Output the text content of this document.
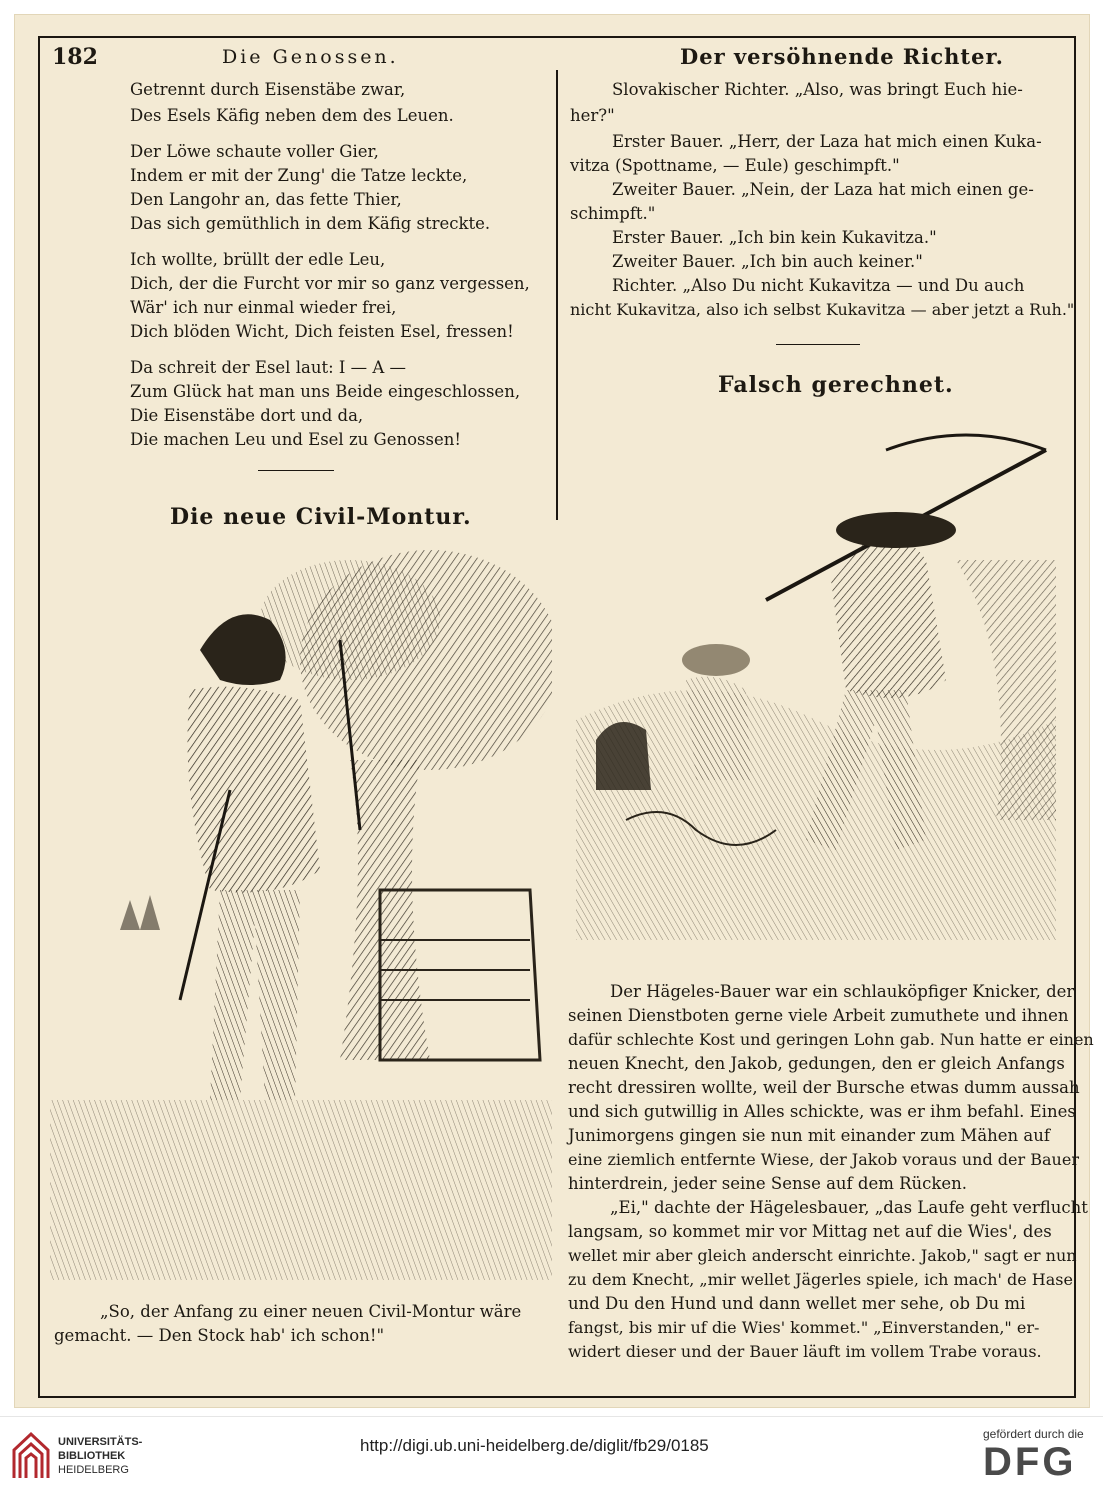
182	Die Genossen.
Getrennt durch Eisenstäbe zwar,
Des Esels Käfig neben dem des Leuen.
Der Löwe schaute voller Gier,
Indem er mit der Zung' die Tatze leckte,
Den Langohr an, das fette Thier,
Das sich gemüthlich in dem Käfig streckte.
Ich wollte, brüllt der edle Leu,
Dich, der die Furcht vor mir so ganz vergessen,
Wär' ich nur einmal wieder frei,
Dich blöden Wicht, Dich feisten Esel, fressen!
Da schreit der Esel laut: I — A —
Zum Glück hat man uns Beide eingeschlossen,
Die Eisenstäbe dort und da,
Die machen Leu und Esel zu Genossen!
Die neue Civil-Montur.
„So, der Anfang zu einer neuen Civil-Montur wäre
gemacht. — Den Stock hab' ich schon!"
Der versöhnende Richter.
Slovakischer Richter. „Also, was bringt Euch hie-
her?"
Erster Bauer. „Herr, der Laza hat mich einen Kuka-
vitza (Spottname, — Eule) geschimpft."
Zweiter Bauer. „Nein, der Laza hat mich einen ge-
schimpft."
Erster Bauer. „Ich bin kein Kukavitza."
Zweiter Bauer. „Ich bin auch keiner."
Richter. „Also Du nicht Kukavitza — und Du auch
nicht Kukavitza, also ich selbst Kukavitza — aber jetzt a Ruh."
Falsch gerechnet.
Der Hägeles-Bauer war ein schlauköpfiger Knicker, der
seinen Dienstboten gerne viele Arbeit zumuthete und ihnen
dafür schlechte Kost und geringen Lohn gab. Nun hatte er einen
neuen Knecht, den Jakob, gedungen, den er gleich Anfangs
recht dressiren wollte, weil der Bursche etwas dumm aussah
und sich gutwillig in Alles schickte, was er ihm befahl. Eines
Junimorgens gingen sie nun mit einander zum Mähen auf
eine ziemlich entfernte Wiese, der Jakob voraus und der Bauer
hinterdrein, jeder seine Sense auf dem Rücken.
„Ei," dachte der Hägelesbauer, „das Laufe geht verflucht
langsam, so kommet mir vor Mittag net auf die Wies', des
wellet mir aber gleich anderscht einrichte. Jakob," sagt er nun
zu dem Knecht, „mir wellet Jägerles spiele, ich mach' de Hase
und Du den Hund und dann wellet mer sehe, ob Du mi
fangst, bis mir uf die Wies' kommet." „Einverstanden," er-
widert dieser und der Bauer läuft im vollem Trabe voraus.
UNIVERSITÄTS-
BIBLIOTHEK
HEIDELBERG
http://digi.ub.uni-heidelberg.de/diglit/fb29/0185
gefördert durch die
DFG
